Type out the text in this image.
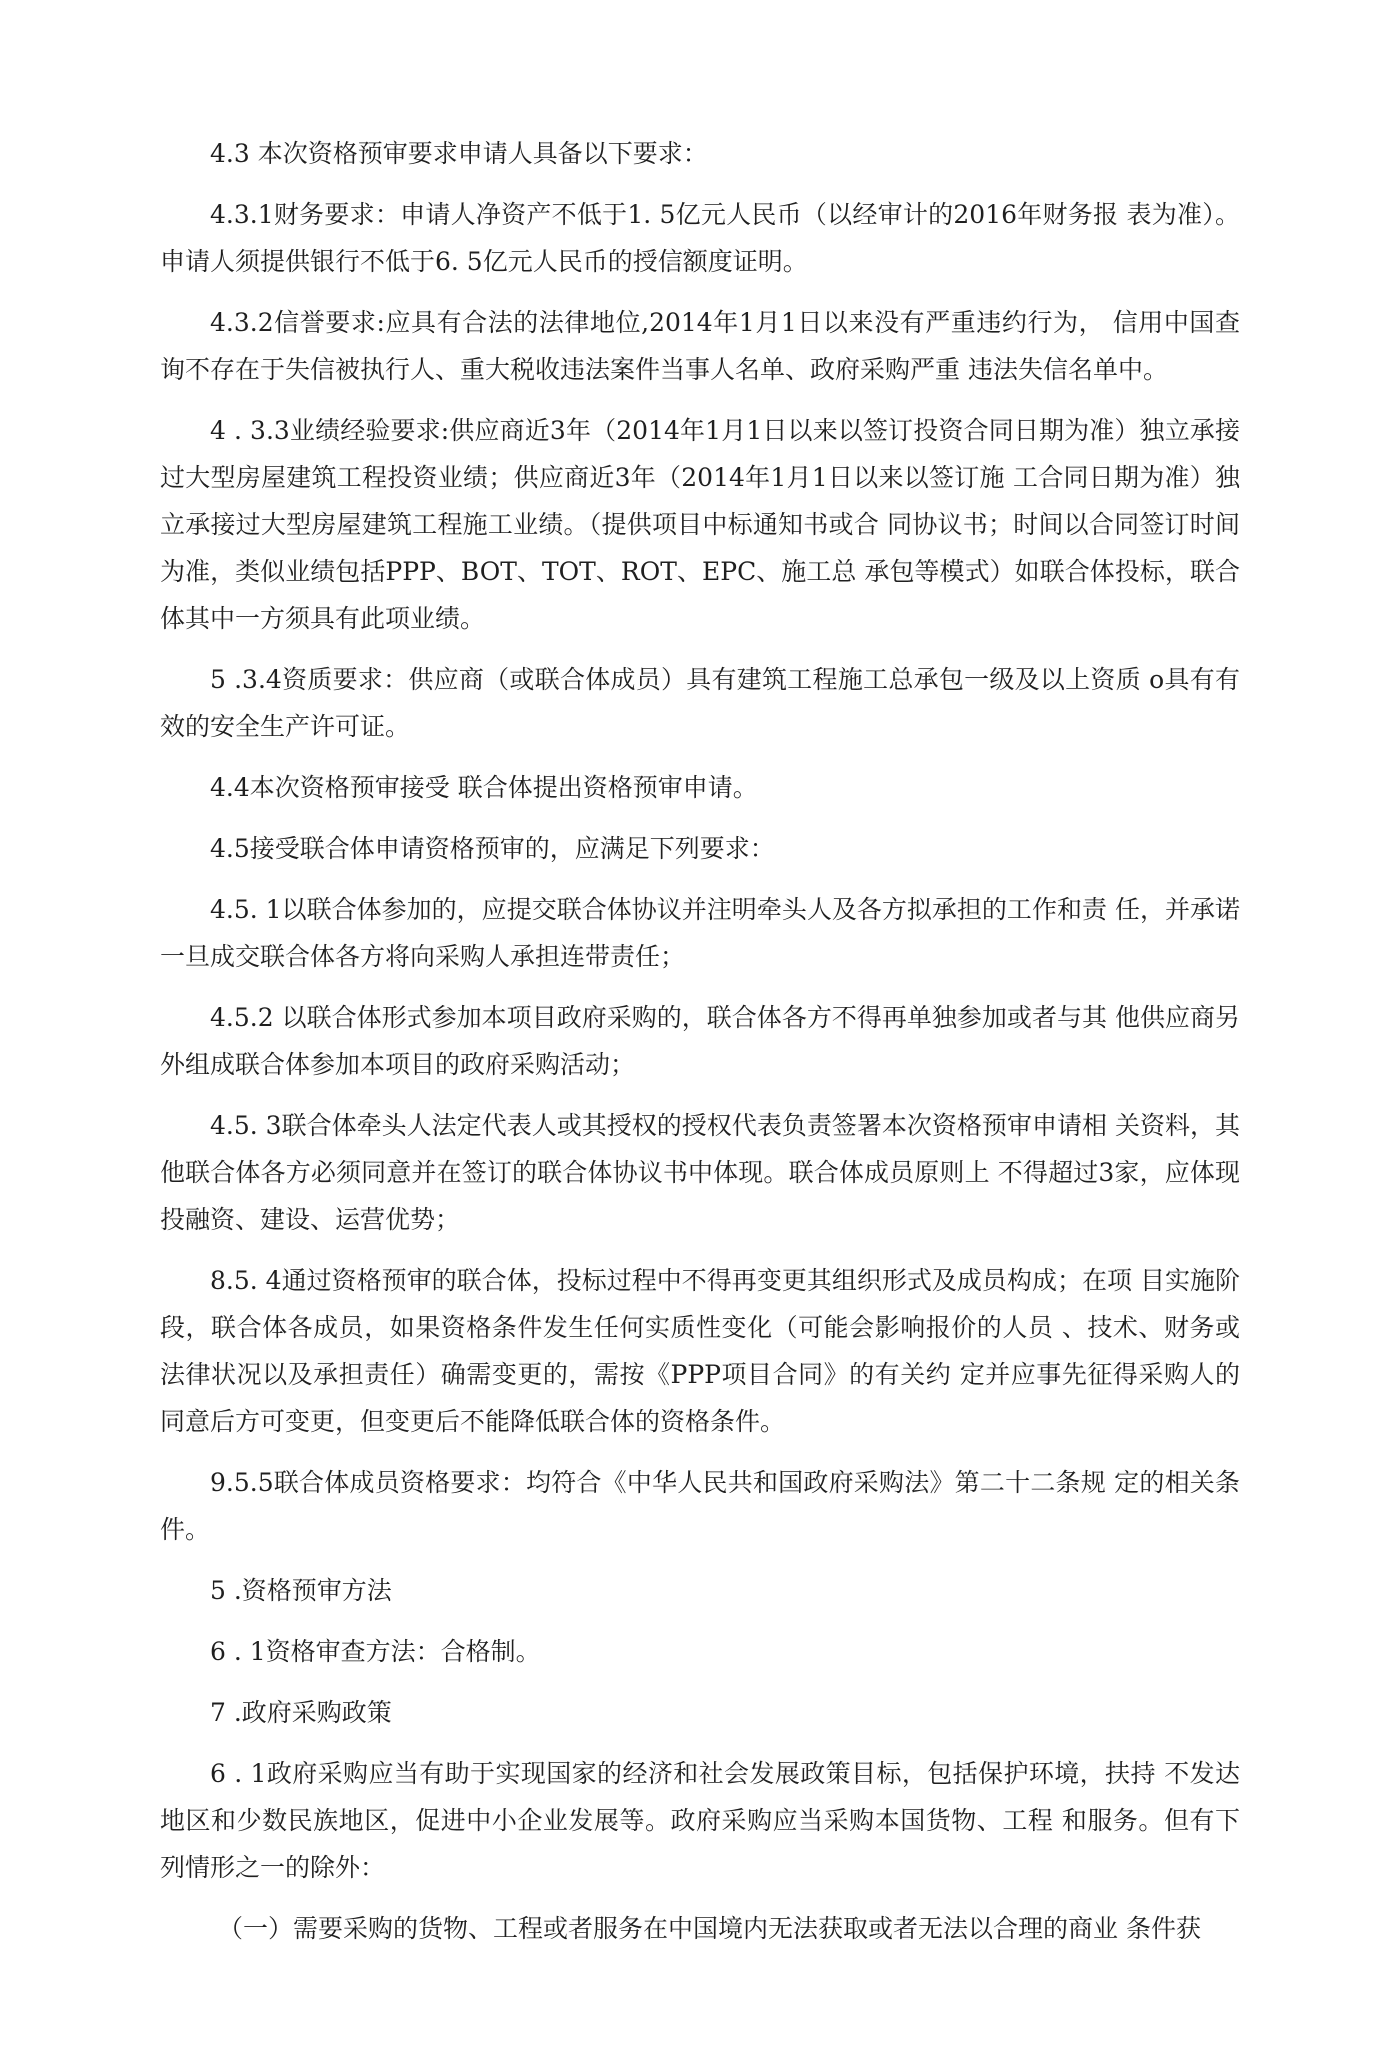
4.3 本次资格预审要求申请人具备以下要求：

4.3.1财务要求：申请人净资产不低于1. 5亿元人民币（以经审计的2016年财务报 表为准）。申请人须提供银行不低于6. 5亿元人民币的授信额度证明。

4.3.2信誉要求:应具有合法的法律地位,2014年1月1日以来没有严重违约行为， 信用中国查询不存在于失信被执行人、重大税收违法案件当事人名单、政府采购严重 违法失信名单中。

4 . 3.3业绩经验要求:供应商近3年（2014年1月1日以来以签订投资合同日期为准）独立承接过大型房屋建筑工程投资业绩；供应商近3年（2014年1月1日以来以签订施 工合同日期为准）独立承接过大型房屋建筑工程施工业绩。（提供项目中标通知书或合 同协议书；时间以合同签订时间为准，类似业绩包括PPP、BOT、TOT、ROT、EPC、施工总 承包等模式）如联合体投标，联合体其中一方须具有此项业绩。

5 .3.4资质要求：供应商（或联合体成员）具有建筑工程施工总承包一级及以上资质 o具有有效的安全生产许可证。

4.4本次资格预审接受 联合体提出资格预审申请。

4.5接受联合体申请资格预审的，应满足下列要求：

4.5. 1以联合体参加的，应提交联合体协议并注明牵头人及各方拟承担的工作和责 任，并承诺一旦成交联合体各方将向采购人承担连带责任；

4.5.2 以联合体形式参加本项目政府采购的，联合体各方不得再单独参加或者与其 他供应商另外组成联合体参加本项目的政府采购活动；

4.5. 3联合体牵头人法定代表人或其授权的授权代表负责签署本次资格预审申请相 关资料，其他联合体各方必须同意并在签订的联合体协议书中体现。联合体成员原则上 不得超过3家，应体现投融资、建设、运营优势；

8.5. 4通过资格预审的联合体，投标过程中不得再变更其组织形式及成员构成；在项 目实施阶段，联合体各成员，如果资格条件发生任何实质性变化（可能会影响报价的人员 、技术、财务或法律状况以及承担责任）确需变更的，需按《PPP项目合同》的有关约 定并应事先征得采购人的同意后方可变更，但变更后不能降低联合体的资格条件。

9.5.5联合体成员资格要求：均符合《中华人民共和国政府采购法》第二十二条规 定的相关条件。

5 .资格预审方法

6 . 1资格审查方法：合格制。

7 .政府采购政策

6 . 1政府采购应当有助于实现国家的经济和社会发展政策目标，包括保护环境，扶持 不发达地区和少数民族地区，促进中小企业发展等。政府采购应当采购本国货物、工程 和服务。但有下列情形之一的除外：

（一）需要采购的货物、工程或者服务在中国境内无法获取或者无法以合理的商业 条件获
